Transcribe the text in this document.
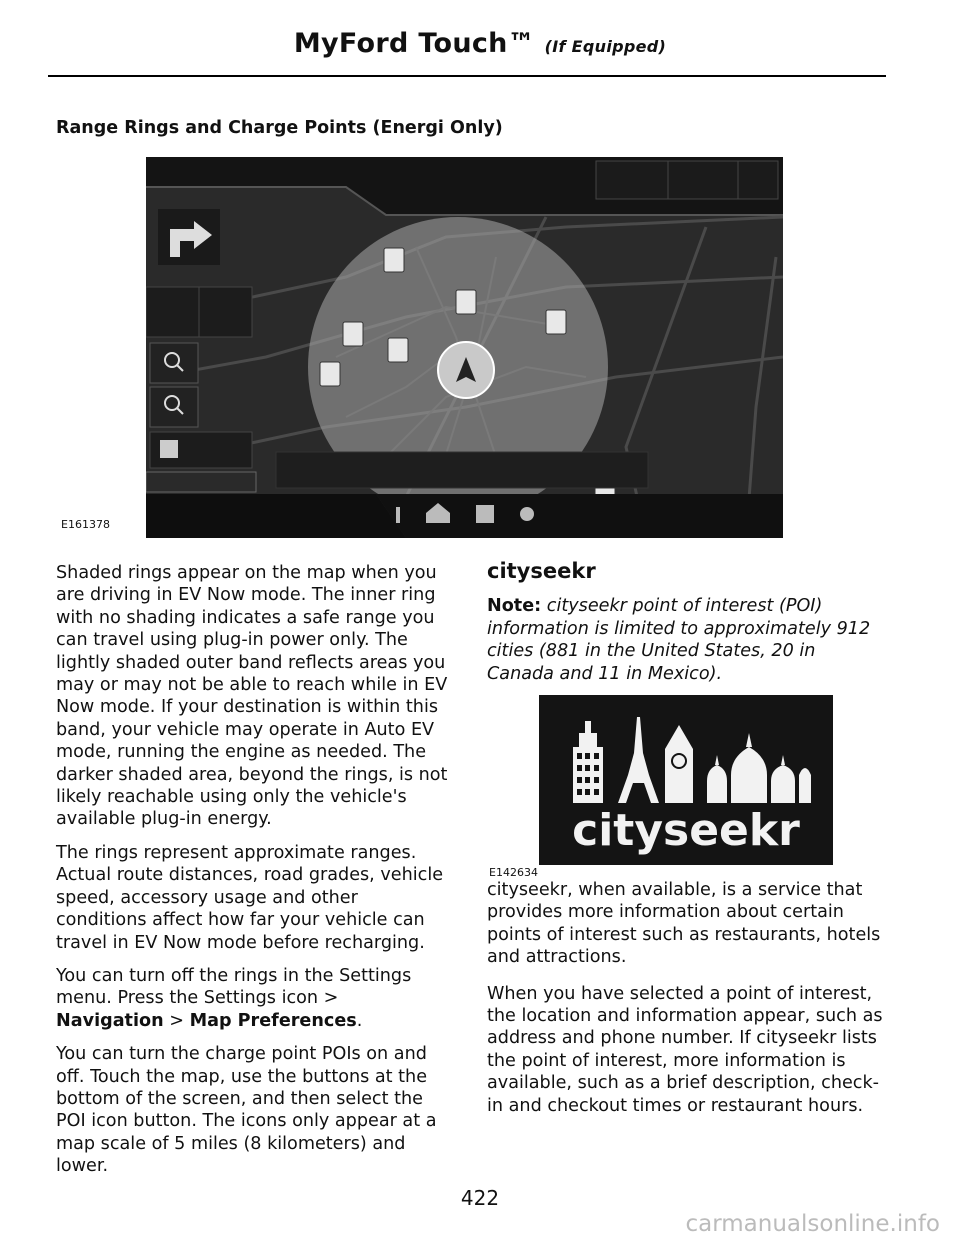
MyFord Touch™ (If Equipped)
Range Rings and Charge Points (Energi Only)
E161378

Shaded rings appear on the map when you are driving in EV Now mode. The inner ring with no shading indicates a safe range you can travel using plug-in power only. The lightly shaded outer band reflects areas you may or may not be able to reach while in EV Now mode. If your destination is within this band, your vehicle may operate in Auto EV mode, running the engine as needed. The darker shaded area, beyond the rings, is not likely reachable using only the vehicle's available plug-in energy.

The rings represent approximate ranges. Actual route distances, road grades, vehicle speed, accessory usage and other conditions affect how far your vehicle can travel in EV Now mode before recharging.

You can turn off the rings in the Settings menu. Press the Settings icon >
Navigation > Map Preferences.

You can turn the charge point POIs on and off. Touch the map, use the buttons at the bottom of the screen, and then select the POI icon button. The icons only appear at a map scale of 5 miles (8 kilometers) and lower.

cityseekr

Note: cityseekr point of interest (POI) information is limited to approximately 912 cities (881 in the United States, 20 in Canada and 11 in Mexico).

E142634
cityseekr

cityseekr, when available, is a service that provides more information about certain points of interest such as restaurants, hotels and attractions.

When you have selected a point of interest, the location and information appear, such as address and phone number. If cityseekr lists the point of interest, more information is available, such as a brief description, check-in and checkout times or restaurant hours.

422
carmanualsonline.info
